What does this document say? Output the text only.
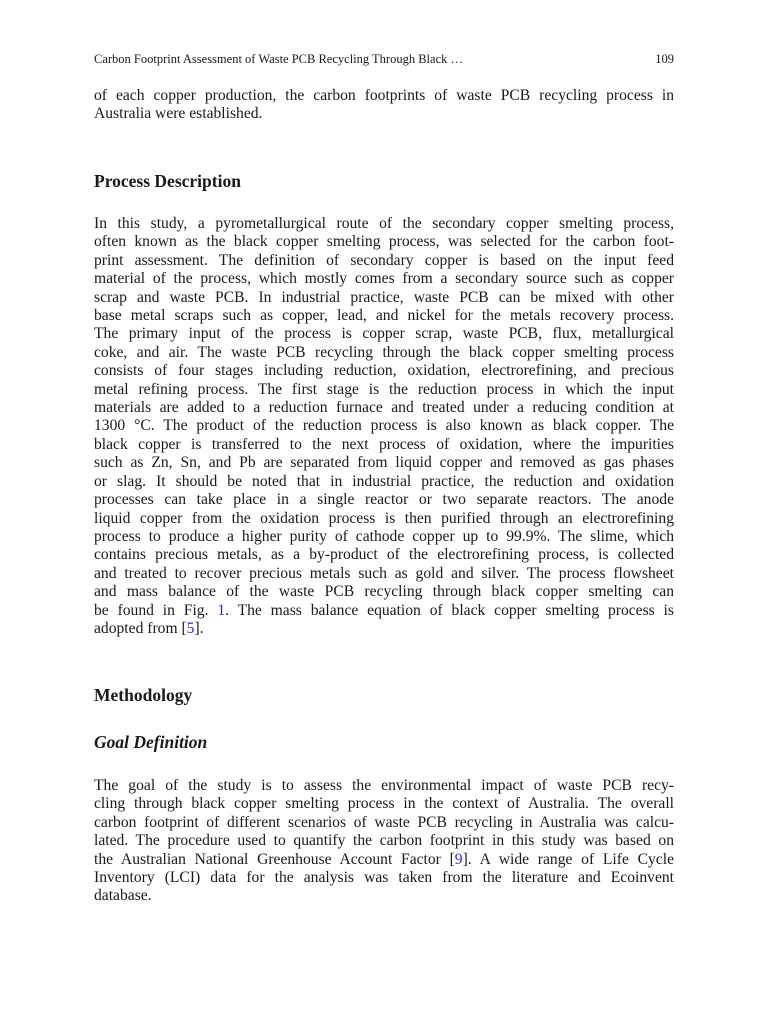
Carbon Footprint Assessment of Waste PCB Recycling Through Black …	109
of each copper production, the carbon footprints of waste PCB recycling process in
Australia were established.
Process Description
In this study, a pyrometallurgical route of the secondary copper smelting process,
often known as the black copper smelting process, was selected for the carbon foot-
print assessment. The definition of secondary copper is based on the input feed
material of the process, which mostly comes from a secondary source such as copper
scrap and waste PCB. In industrial practice, waste PCB can be mixed with other
base metal scraps such as copper, lead, and nickel for the metals recovery process.
The primary input of the process is copper scrap, waste PCB, flux, metallurgical
coke, and air. The waste PCB recycling through the black copper smelting process
consists of four stages including reduction, oxidation, electrorefining, and precious
metal refining process. The first stage is the reduction process in which the input
materials are added to a reduction furnace and treated under a reducing condition at
1300 °C. The product of the reduction process is also known as black copper. The
black copper is transferred to the next process of oxidation, where the impurities
such as Zn, Sn, and Pb are separated from liquid copper and removed as gas phases
or slag. It should be noted that in industrial practice, the reduction and oxidation
processes can take place in a single reactor or two separate reactors. The anode
liquid copper from the oxidation process is then purified through an electrorefining
process to produce a higher purity of cathode copper up to 99.9%. The slime, which
contains precious metals, as a by-product of the electrorefining process, is collected
and treated to recover precious metals such as gold and silver. The process flowsheet
and mass balance of the waste PCB recycling through black copper smelting can
be found in Fig. 1. The mass balance equation of black copper smelting process is
adopted from [5].
Methodology
Goal Definition
The goal of the study is to assess the environmental impact of waste PCB recy-
cling through black copper smelting process in the context of Australia. The overall
carbon footprint of different scenarios of waste PCB recycling in Australia was calcu-
lated. The procedure used to quantify the carbon footprint in this study was based on
the Australian National Greenhouse Account Factor [9]. A wide range of Life Cycle
Inventory (LCI) data for the analysis was taken from the literature and Ecoinvent
database.
